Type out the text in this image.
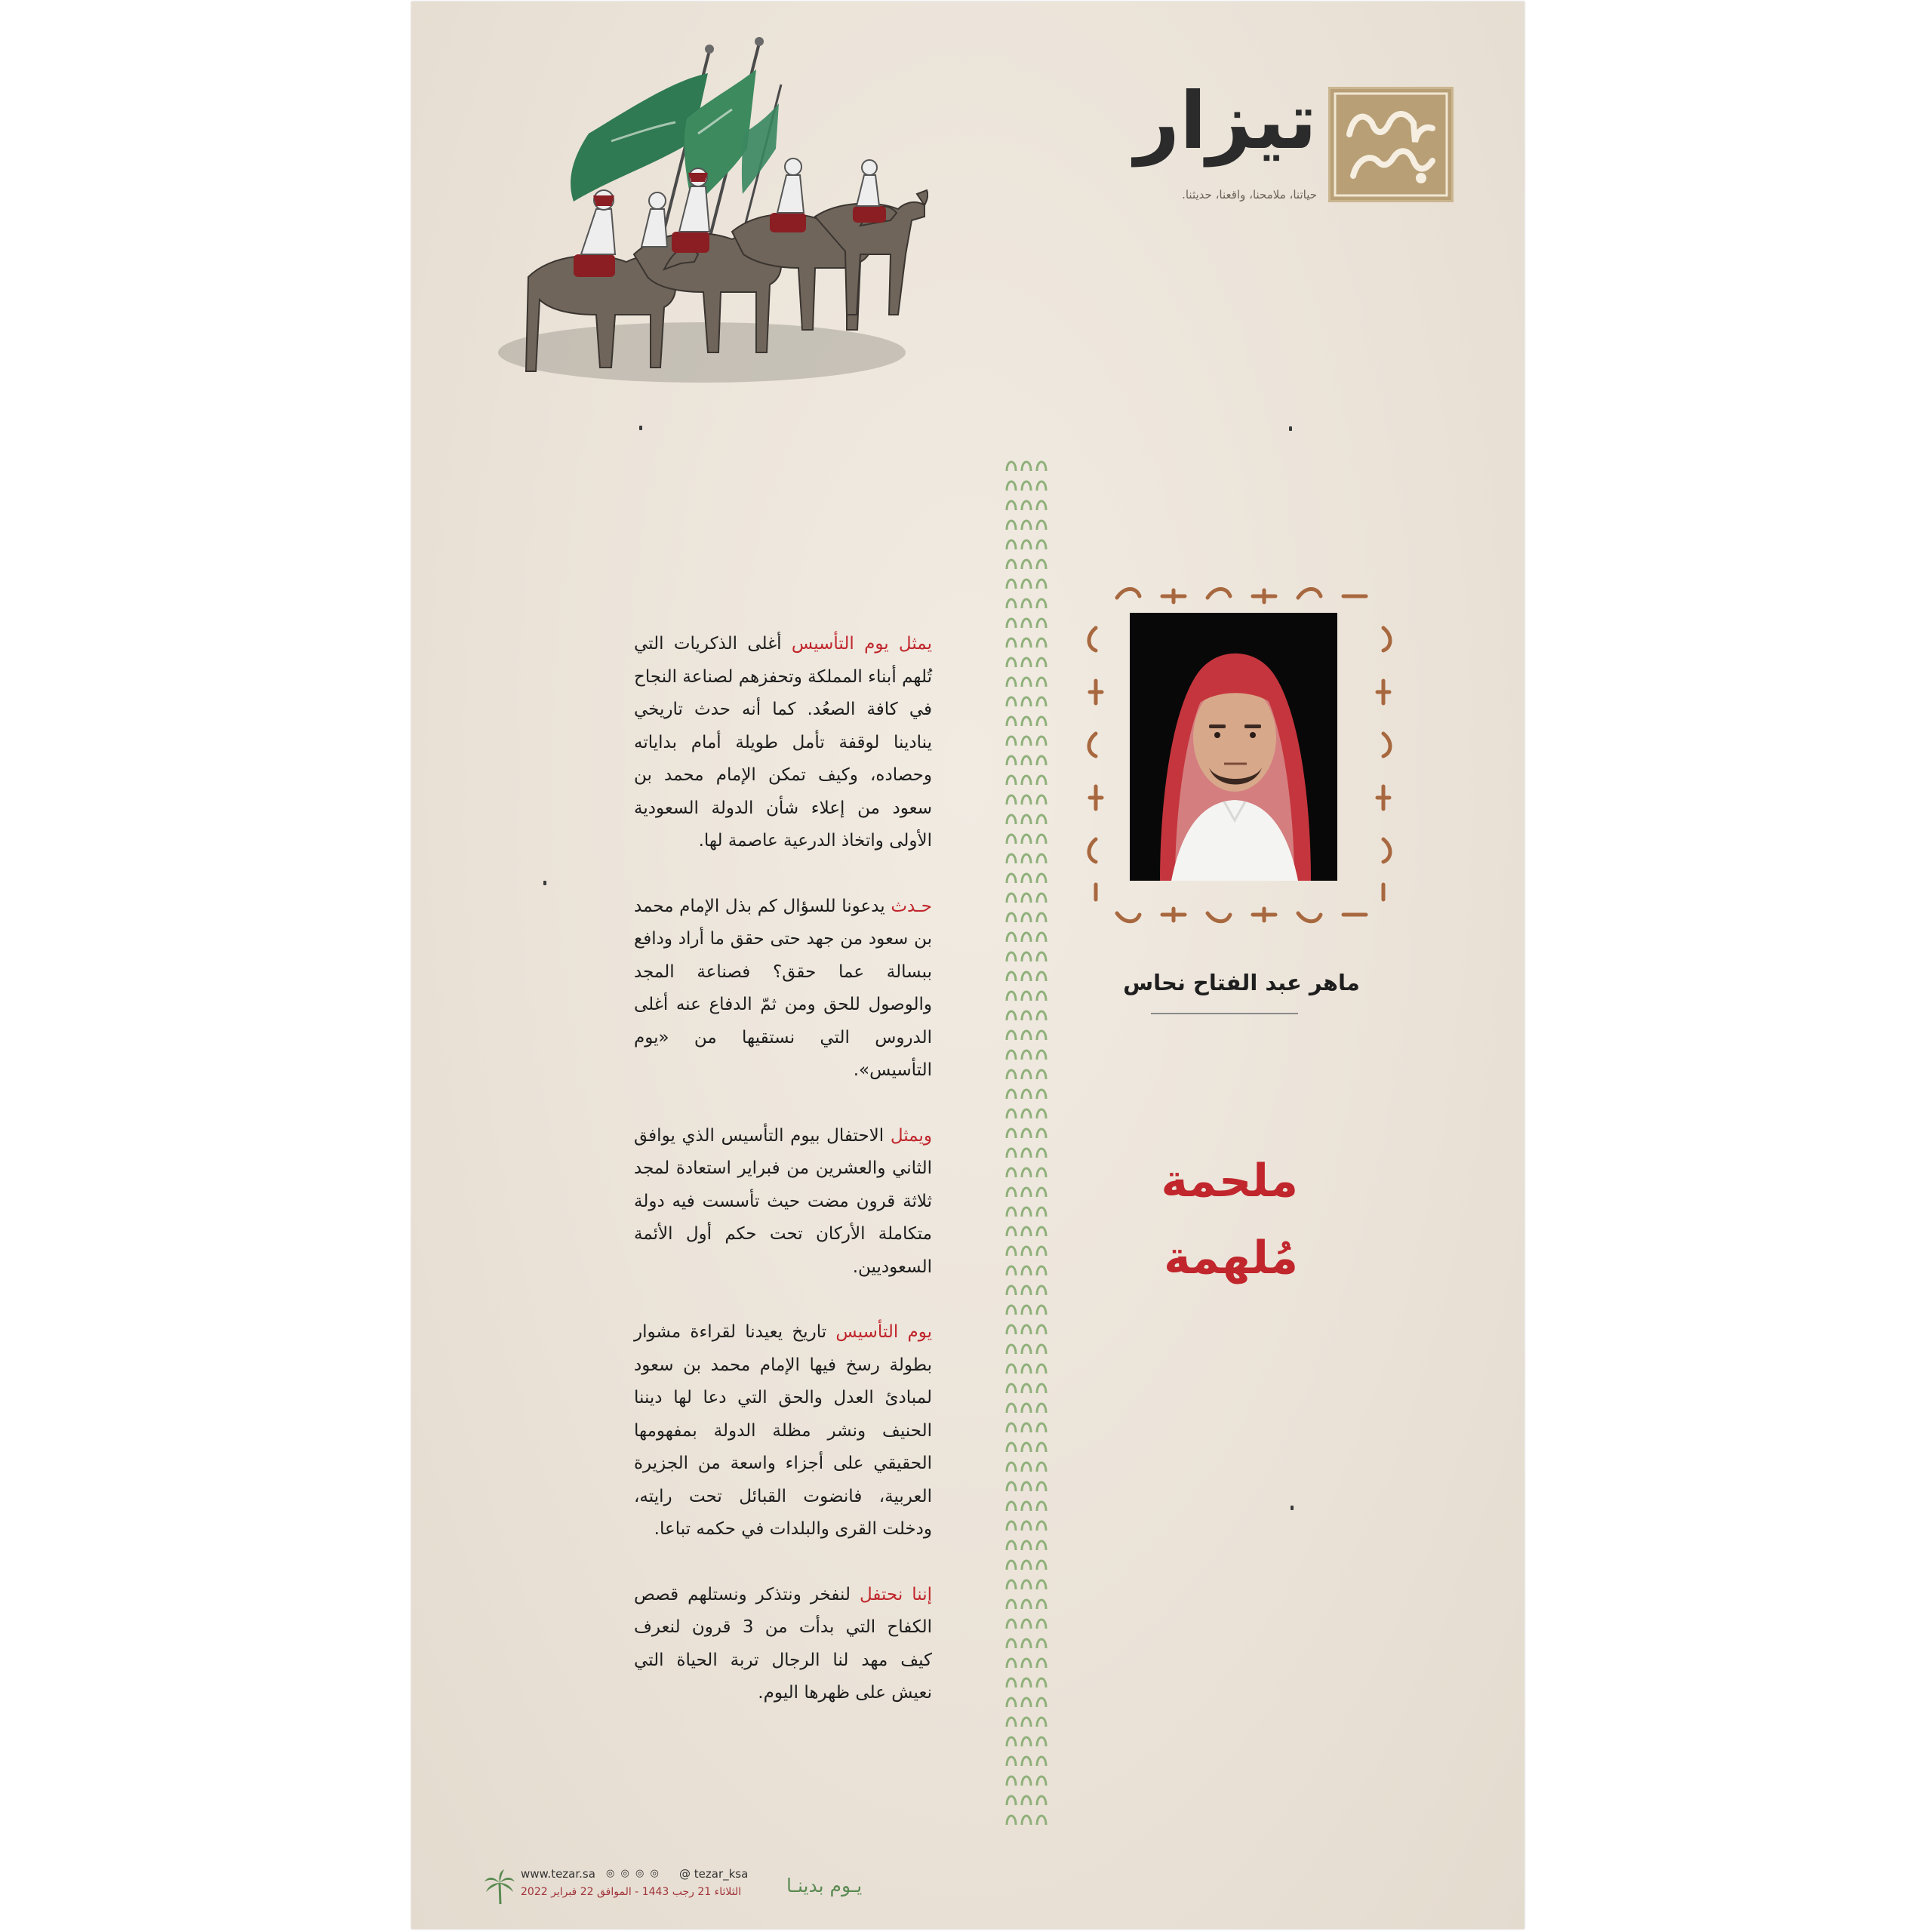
تيزار
حياتنا، ملامحنا، واقعنا، حديثنا.
ماهر عبد الفتاح نحاس
ملحمة
مُلهمة

يمثل يوم التأسيس أغلى الذكريات التي تُلهم أبناء المملكة وتحفزهم لصناعة النجاح في كافة الصعُد. كما أنه حدث تاريخي ينادينا لوقفة تأمل طويلة أمام بداياته وحصاده، وكيف تمكن الإمام محمد بن سعود من إعلاء شأن الدولة السعودية الأولى واتخاذ الدرعية عاصمة لها.

حـدث يدعونا للسؤال كم بذل الإمام محمد بن سعود من جهد حتى حقق ما أراد ودافع ببسالة عما حقق؟ فصناعة المجد والوصول للحق ومن ثمّ الدفاع عنه أغلى الدروس التي نستقيها من «يوم التأسيس».

ويمثل الاحتفال بيوم التأسيس الذي يوافق الثاني والعشرين من فبراير استعادة لمجد ثلاثة قرون مضت حيث تأسست فيه دولة متكاملة الأركان تحت حكم أول الأئمة السعوديين.

يوم التأسيس تاريخ يعيدنا لقراءة مشوار بطولة رسخ فيها الإمام محمد بن سعود لمبادئ العدل والحق التي دعا لها ديننا الحنيف ونشر مظلة الدولة بمفهومها الحقيقي على أجزاء واسعة من الجزيرة العربية، فانضوت القبائل تحت رايته، ودخلت القرى والبلدات في حكمه تباعا.

إننا نحتفل لنفخر ونتذكر ونستلهم قصص الكفاح التي بدأت من 3 قرون لنعرف كيف مهد لنا الرجال تربة الحياة التي نعيش على ظهرها اليوم.

www.tezar.sa ◎ ◎ ◎ ◎ @ tezar_ksa
الثلاثاء 21 رجب 1443 - الموافق 22 فبراير 2022	يـوم بدينـا
